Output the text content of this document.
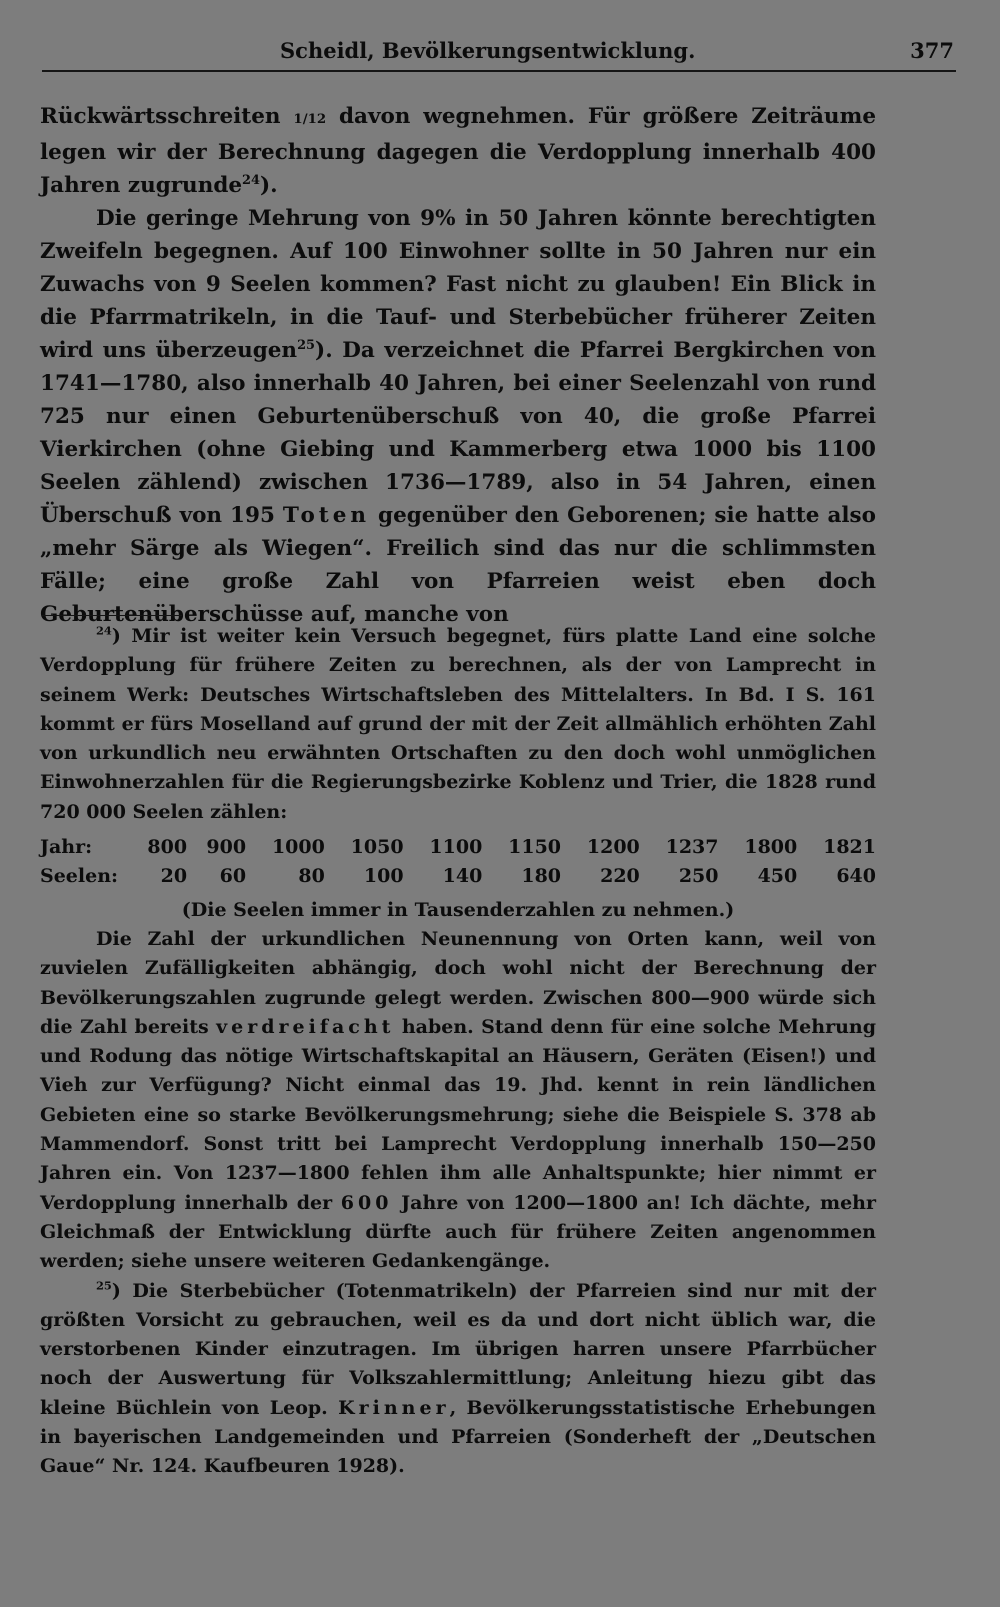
Scheidl, Bevölkerungsentwicklung.	377

Rückwärtsschreiten 1/12 davon wegnehmen. Für größere Zeiträume legen wir der Berechnung dagegen die Verdopplung innerhalb 400 Jahren zugrunde$^{24}$).

Die geringe Mehrung von 9% in 50 Jahren könnte berechtigten Zweifeln begegnen. Auf 100 Einwohner sollte in 50 Jahren nur ein Zuwachs von 9 Seelen kommen? Fast nicht zu glauben! Ein Blick in die Pfarrmatrikeln, in die Tauf- und Sterbebücher früherer Zeiten wird uns überzeugen$^{25}$). Da verzeichnet die Pfarrei Bergkirchen von 1741—1780, also innerhalb 40 Jahren, bei einer Seelenzahl von rund 725 nur einen Geburtenüberschuß von 40, die große Pfarrei Vierkirchen (ohne Giebing und Kammerberg etwa 1000 bis 1100 Seelen zählend) zwischen 1736—1789, also in 54 Jahren, einen Überschuß von 195 Toten gegenüber den Geborenen; sie hatte also „mehr Särge als Wiegen“. Freilich sind das nur die schlimmsten Fälle; eine große Zahl von Pfarreien weist eben doch Geburtenüberschüsse auf, manche von

$^{24}$) Mir ist weiter kein Versuch begegnet, fürs platte Land eine solche Verdopplung für frühere Zeiten zu berechnen, als der von Lamprecht in seinem Werk: Deutsches Wirtschaftsleben des Mittelalters. In Bd. I S. 161 kommt er fürs Moselland auf grund der mit der Zeit allmählich erhöhten Zahl von urkundlich neu erwähnten Ortschaften zu den doch wohl unmöglichen Einwohnerzahlen für die Regierungsbezirke Koblenz und Trier, die 1828 rund 720 000 Seelen zählen:

Jahr:	800	900	1000	1050	1100	1150	1200	1237	1800	1821
Seelen:	20	60	80	100	140	180	220	250	450	640

(Die Seelen immer in Tausenderzahlen zu nehmen.)

Die Zahl der urkundlichen Neunennung von Orten kann, weil von zuvielen Zufälligkeiten abhängig, doch wohl nicht der Berechnung der Bevölkerungszahlen zugrunde gelegt werden. Zwischen 800—900 würde sich die Zahl bereits verdreifacht haben. Stand denn für eine solche Mehrung und Rodung das nötige Wirtschaftskapital an Häusern, Geräten (Eisen!) und Vieh zur Verfügung? Nicht einmal das 19. Jhd. kennt in rein ländlichen Gebieten eine so starke Bevölkerungsmehrung; siehe die Beispiele S. 378 ab Mammendorf. Sonst tritt bei Lamprecht Verdopplung innerhalb 150—250 Jahren ein. Von 1237—1800 fehlen ihm alle Anhaltspunkte; hier nimmt er Verdopplung innerhalb der 600 Jahre von 1200—1800 an! Ich dächte, mehr Gleichmaß der Entwicklung dürfte auch für frühere Zeiten angenommen werden; siehe unsere weiteren Gedankengänge.

$^{25}$) Die Sterbebücher (Totenmatrikeln) der Pfarreien sind nur mit der größten Vorsicht zu gebrauchen, weil es da und dort nicht üblich war, die verstorbenen Kinder einzutragen. Im übrigen harren unsere Pfarrbücher noch der Auswertung für Volkszahlermittlung; Anleitung hiezu gibt das kleine Büchlein von Leop. Krinner, Bevölkerungsstatistische Erhebungen in bayerischen Landgemeinden und Pfarreien (Sonderheft der „Deutschen Gaue“ Nr. 124. Kaufbeuren 1928).
